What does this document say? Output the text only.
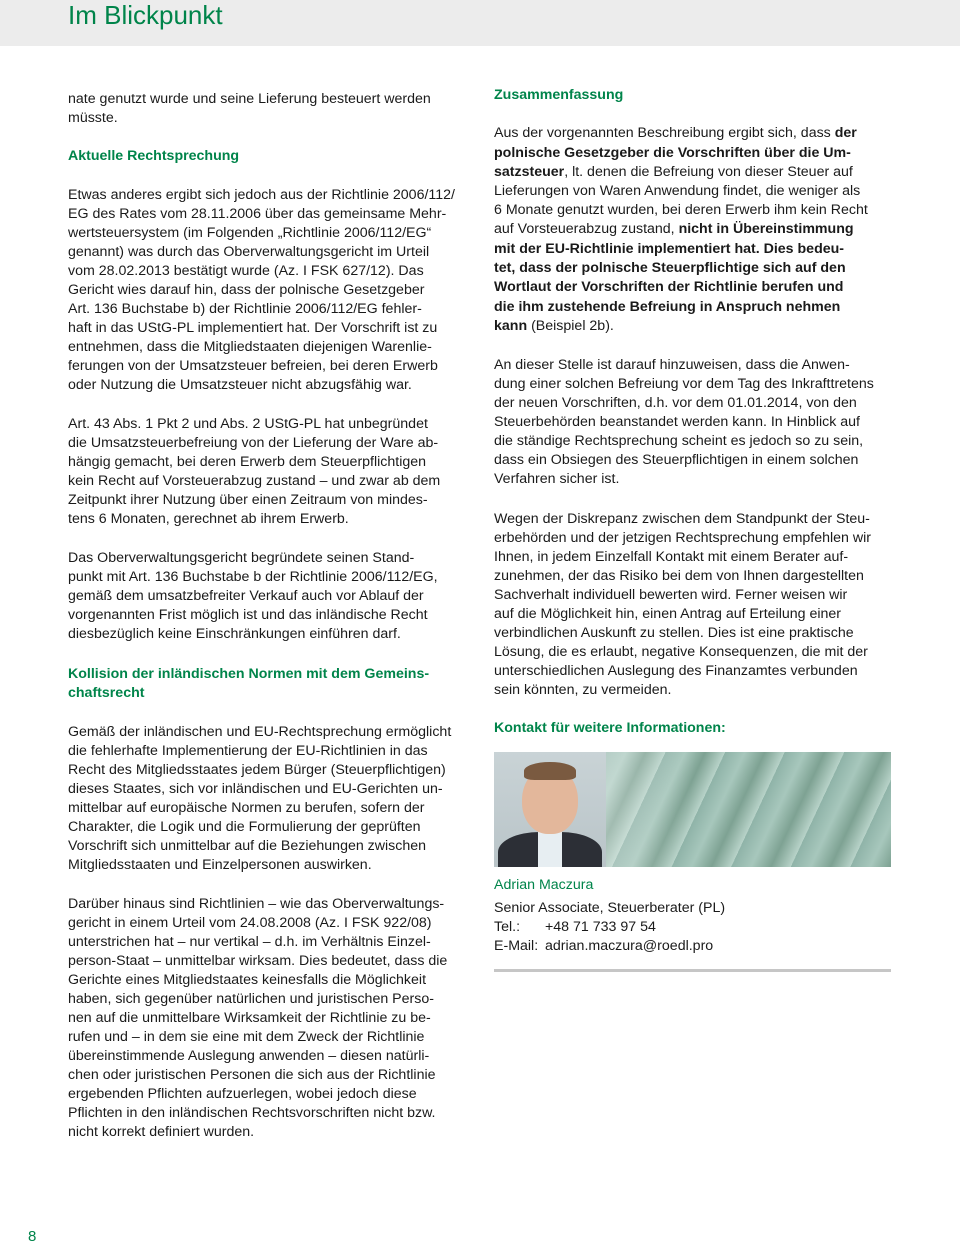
Im Blickpunkt
nate genutzt wurde und seine Lieferung besteuert werden
müsste.
Aktuelle Rechtsprechung
Etwas anderes ergibt sich jedoch aus der Richtlinie 2006/112/
EG des Rates vom 28.11.2006 über das gemeinsame Mehr-
wertsteuersystem (im Folgenden „Richtlinie 2006/112/EG“
genannt) was durch das Oberverwaltungsgericht im Urteil
vom 28.02.2013 bestätigt wurde (Az. I FSK 627/12). Das
Gericht wies darauf hin, dass der polnische Gesetzgeber
Art. 136 Buchstabe b) der Richtlinie 2006/112/EG fehler-
haft in das UStG-PL implementiert hat. Der Vorschrift ist zu
entnehmen, dass die Mitgliedstaaten diejenigen Warenlie-
ferungen von der Umsatzsteuer befreien, bei deren Erwerb
oder Nutzung die Umsatzsteuer nicht abzugsfähig war.
Art. 43 Abs. 1 Pkt 2 und Abs. 2 UStG-PL hat unbegründet
die Umsatzsteuerbefreiung von der Lieferung der Ware ab-
hängig gemacht, bei deren Erwerb dem Steuerpflichtigen
kein Recht auf Vorsteuerabzug zustand – und zwar ab dem
Zeitpunkt ihrer Nutzung über einen Zeitraum von mindes-
tens 6 Monaten, gerechnet ab ihrem Erwerb.
Das Oberverwaltungsgericht begründete seinen Stand-
punkt mit Art. 136 Buchstabe b der Richtlinie 2006/112/EG,
gemäß dem umsatzbefreiter Verkauf auch vor Ablauf der
vorgenannten Frist möglich ist und das inländische Recht
diesbezüglich keine Einschränkungen einführen darf.
Kollision der inländischen Normen mit dem Gemeins-
chaftsrecht
Gemäß der inländischen und EU-Rechtsprechung ermöglicht
die fehlerhafte Implementierung der EU-Richtlinien in das
Recht des Mitgliedsstaates jedem Bürger (Steuerpflichtigen)
dieses Staates, sich vor inländischen und EU-Gerichten un-
mittelbar auf europäische Normen zu berufen, sofern der
Charakter, die Logik und die Formulierung der geprüften
Vorschrift sich unmittelbar auf die Beziehungen zwischen
Mitgliedsstaaten und Einzelpersonen auswirken.
Darüber hinaus sind Richtlinien – wie das Oberverwaltungs-
gericht in einem Urteil vom 24.08.2008 (Az. I FSK 922/08)
unterstrichen hat – nur vertikal – d.h. im Verhältnis Einzel-
person-Staat – unmittelbar wirksam. Dies bedeutet, dass die
Gerichte eines Mitgliedstaates keinesfalls die Möglichkeit
haben, sich gegenüber natürlichen und juristischen Perso-
nen auf die unmittelbare Wirksamkeit der Richtlinie zu be-
rufen und – in dem sie eine mit dem Zweck der Richtlinie
übereinstimmende Auslegung anwenden – diesen natürli-
chen oder juristischen Personen die sich aus der Richtlinie
ergebenden Pflichten aufzuerlegen, wobei jedoch diese
Pflichten in den inländischen Rechtsvorschriften nicht bzw.
nicht korrekt definiert wurden.
Zusammenfassung
Aus der vorgenannten Beschreibung ergibt sich, dass der
polnische Gesetzgeber die Vorschriften über die Um-
satzsteuer, lt. denen die Befreiung von dieser Steuer auf
Lieferungen von Waren Anwendung findet, die weniger als
6 Monate genutzt wurden, bei deren Erwerb ihm kein Recht
auf Vorsteuerabzug zustand, nicht in Übereinstimmung
mit der EU-Richtlinie implementiert hat. Dies bedeu-
tet, dass der polnische Steuerpflichtige sich auf den
Wortlaut der Vorschriften der Richtlinie berufen und
die ihm zustehende Befreiung in Anspruch nehmen
kann (Beispiel 2b).
An dieser Stelle ist darauf hinzuweisen, dass die Anwen-
dung einer solchen Befreiung vor dem Tag des Inkrafttretens
der neuen Vorschriften, d.h. vor dem 01.01.2014, von den
Steuerbehörden beanstandet werden kann. In Hinblick auf
die ständige Rechtsprechung scheint es jedoch so zu sein,
dass ein Obsiegen des Steuerpflichtigen in einem solchen
Verfahren sicher ist.
Wegen der Diskrepanz zwischen dem Standpunkt der Steu-
erbehörden und der jetzigen Rechtsprechung empfehlen wir
Ihnen, in jedem Einzelfall Kontakt mit einem Berater auf-
zunehmen, der das Risiko bei dem von Ihnen dargestellten
Sachverhalt individuell bewerten wird. Ferner weisen wir
auf die Möglichkeit hin, einen Antrag auf Erteilung einer
verbindlichen Auskunft zu stellen. Dies ist eine praktische
Lösung, die es erlaubt, negative Konsequenzen, die mit der
unterschiedlichen Auslegung des Finanzamtes verbunden
sein könnten, zu vermeiden.
Kontakt für weitere Informationen:
Adrian Maczura
Senior Associate, Steuerberater (PL)
Tel.: +48 71 733 97 54
E-Mail: adrian.maczura@roedl.pro
8
